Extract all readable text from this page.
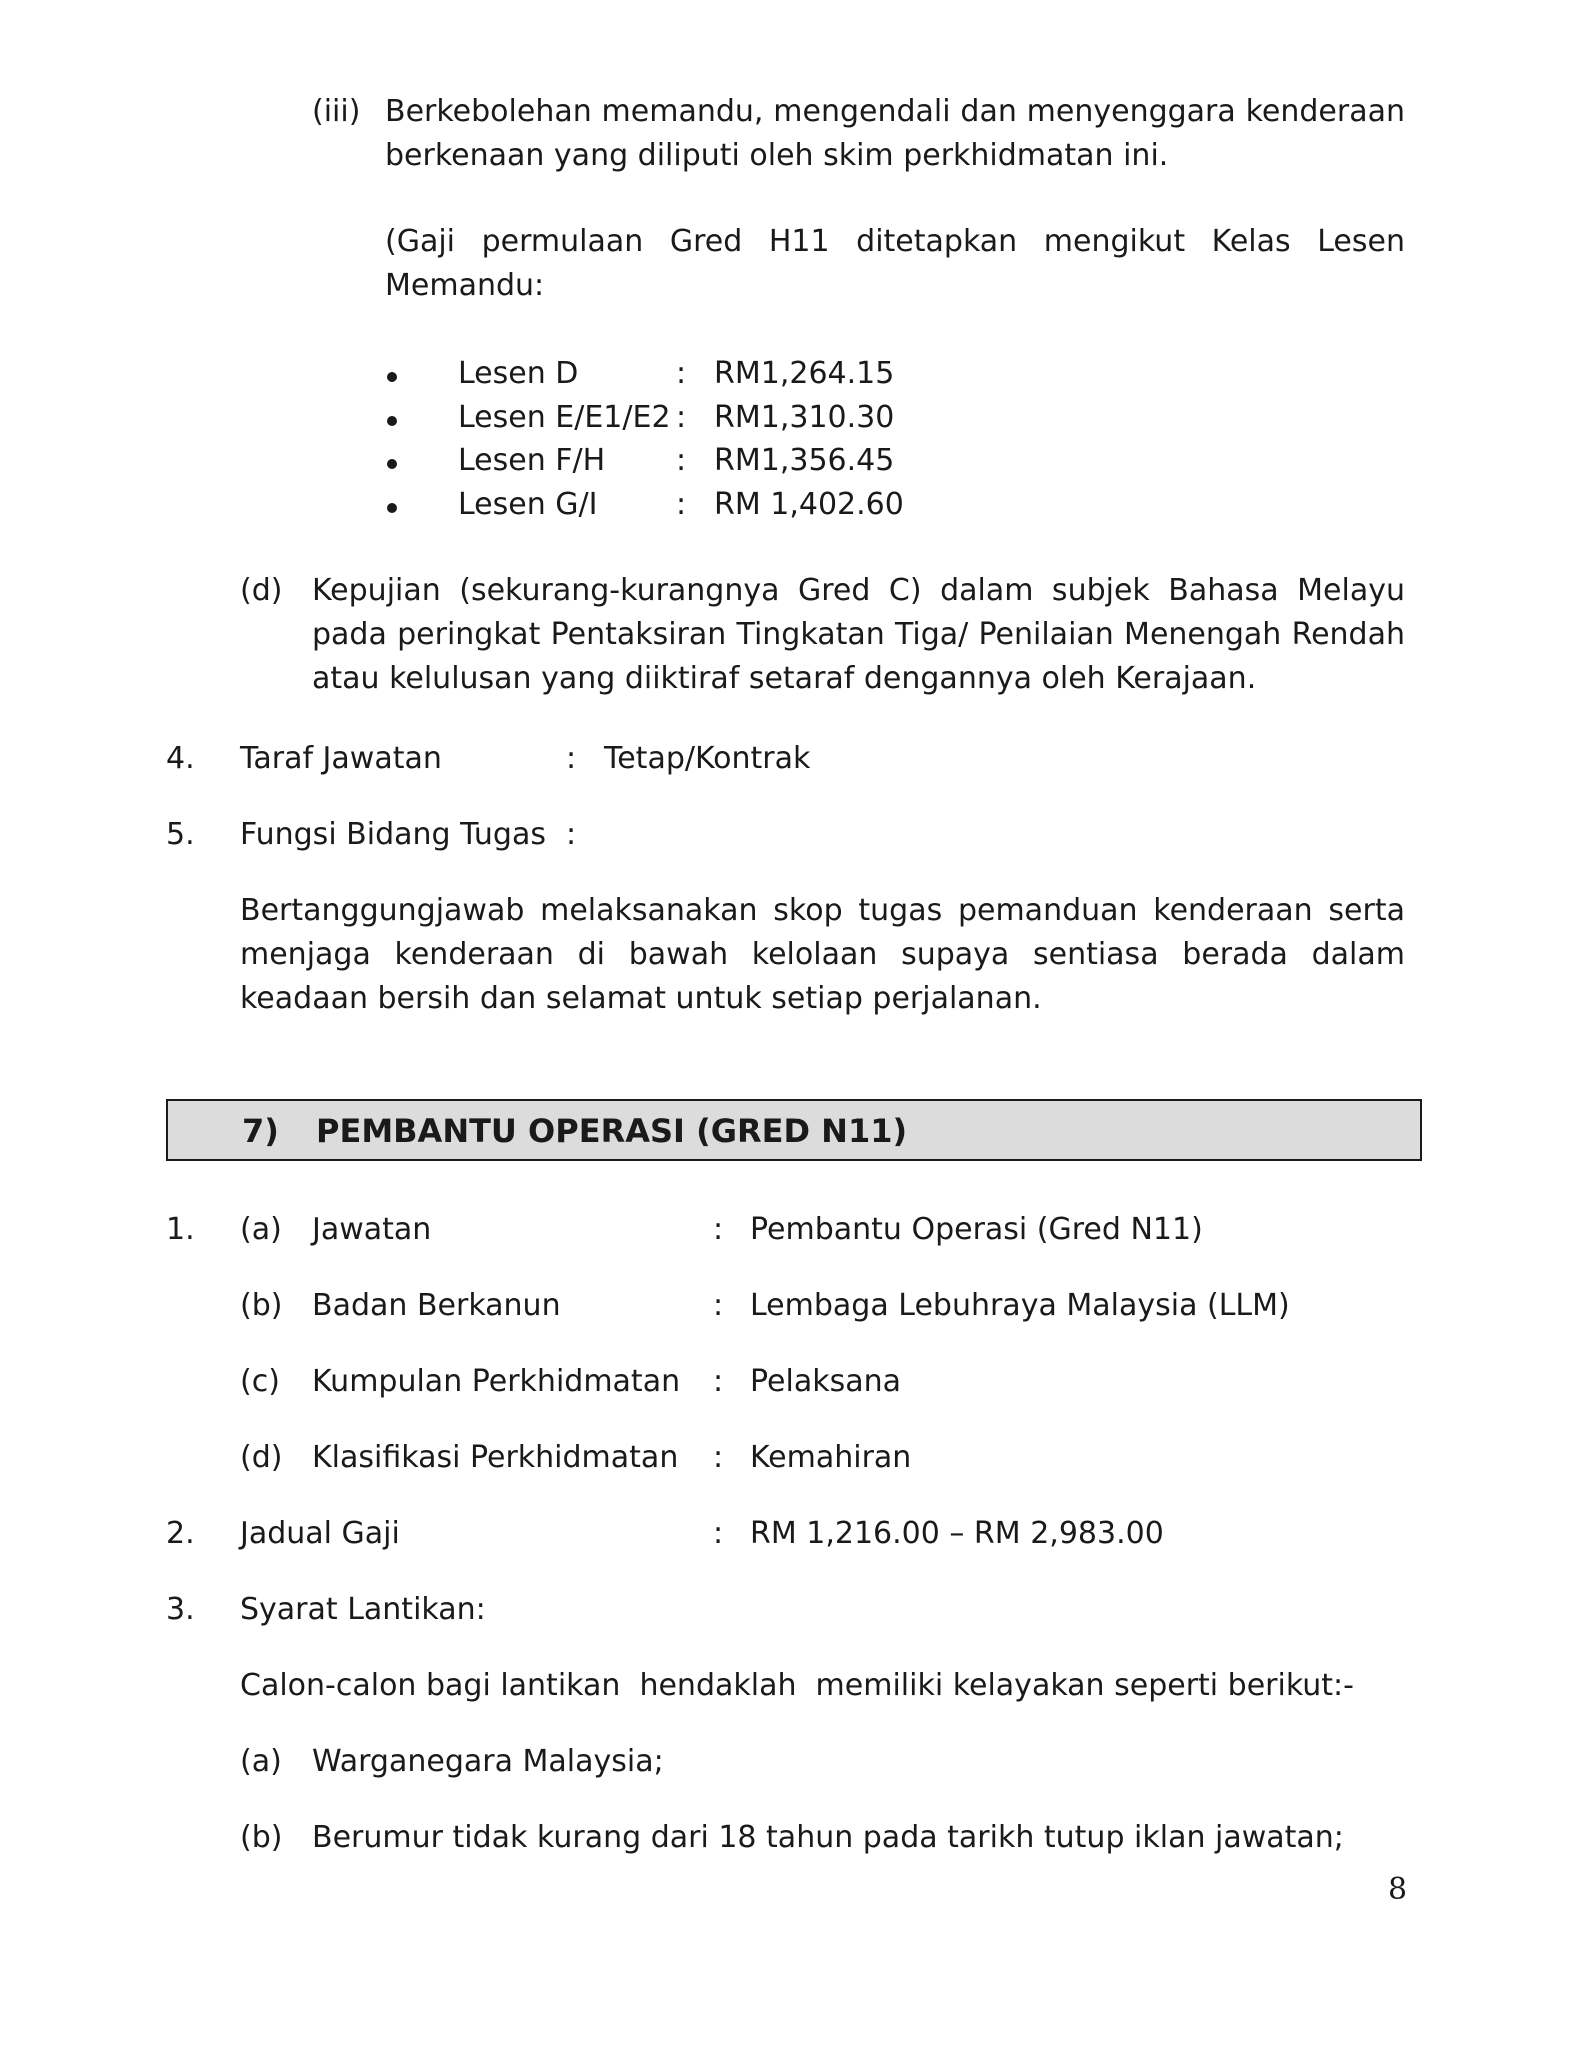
(iii) Berkebolehan memandu, mengendali dan menyenggara kenderaan berkenaan yang diliputi oleh skim perkhidmatan ini.
(Gaji permulaan Gred H11 ditetapkan mengikut Kelas Lesen Memandu:
Lesen D	: RM1,264.15
Lesen E/E1/E2 : RM1,310.30
Lesen F/H : RM1,356.45
Lesen G/I	: RM 1,402.60
(d) Kepujian (sekurang-kurangnya Gred C) dalam subjek Bahasa Melayu pada peringkat Pentaksiran Tingkatan Tiga/ Penilaian Menengah Rendah atau kelulusan yang diiktiraf setaraf dengannya oleh Kerajaan.
4. Taraf Jawatan	: Tetap/Kontrak
5. Fungsi Bidang Tugas :
Bertanggungjawab melaksanakan skop tugas pemanduan kenderaan serta menjaga kenderaan di bawah kelolaan supaya sentiasa berada dalam keadaan bersih dan selamat untuk setiap perjalanan.
7) PEMBANTU OPERASI (GRED N11)
1. (a) Jawatan	: Pembantu Operasi (Gred N11)
(b) Badan Berkanun	: Lembaga Lebuhraya Malaysia (LLM)
(c) Kumpulan Perkhidmatan : Pelaksana
(d) Klasifikasi Perkhidmatan : Kemahiran
2. Jadual Gaji	: RM 1,216.00 – RM 2,983.00
3. Syarat Lantikan:
Calon-calon bagi lantikan  hendaklah  memiliki kelayakan seperti berikut:-
(a) Warganegara Malaysia;
(b) Berumur tidak kurang dari 18 tahun pada tarikh tutup iklan jawatan;
8
